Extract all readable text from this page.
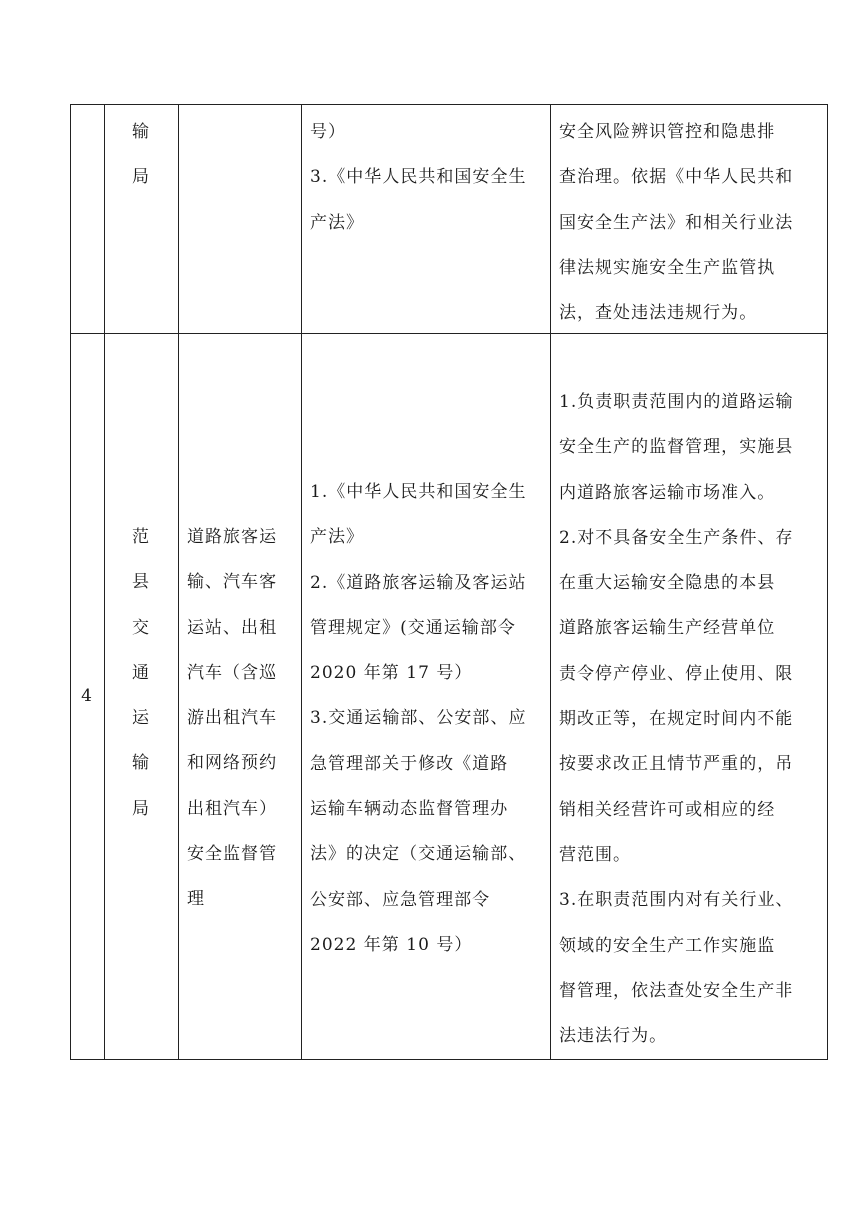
输

局

号）

3.《中华人民共和国安全生

产法》

安全风险辨识管控和隐患排

查治理。依据《中华人民共和

国安全生产法》和相关行业法

律法规实施安全生产监管执

法，查处违法违规行为。

4

范

县

交

通

运

输

局

道路旅客运

输、汽车客

运站、出租

汽车（含巡

游出租汽车

和网络预约

出租汽车）

安全监督管

理

1.《中华人民共和国安全生

产法》

2.《道路旅客运输及客运站

管理规定》(交通运输部令

2020 年第 17 号）

3.交通运输部、公安部、应

急管理部关于修改《道路

运输车辆动态监督管理办

法》的决定（交通运输部、

公安部、应急管理部令

2022 年第 10 号）

1.负责职责范围内的道路运输

安全生产的监督管理，实施县

内道路旅客运输市场准入。

2.对不具备安全生产条件、存

在重大运输安全隐患的本县

道路旅客运输生产经营单位

责令停产停业、停止使用、限

期改正等，在规定时间内不能

按要求改正且情节严重的，吊

销相关经营许可或相应的经

营范围。

3.在职责范围内对有关行业、

领域的安全生产工作实施监

督管理，依法查处安全生产非

法违法行为。
